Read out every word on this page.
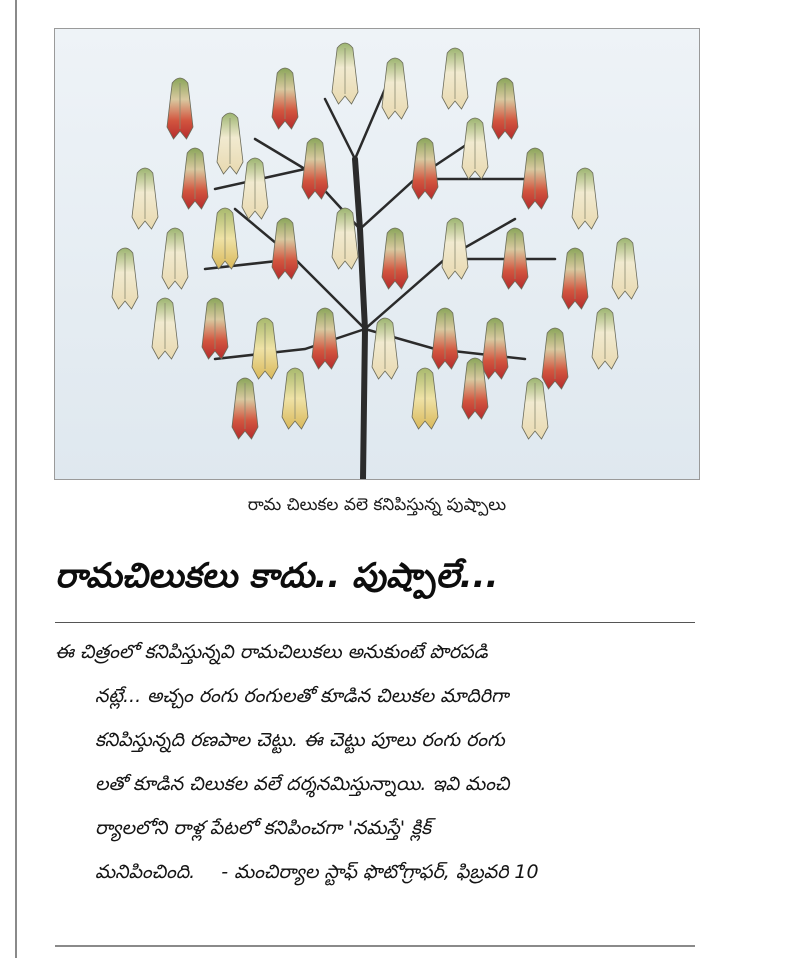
రామ చిలుకల వలె కనిపిస్తున్న పుష్పాలు
రామచిలుకలు కాదు.. పుష్పాలే...
ఈ చిత్రంలో కనిపిస్తున్నవి రామచిలుకలు అనుకుంటే పొరపడి
నట్లే... అచ్చం రంగు రంగులతో కూడిన చిలుకల మాదిరిగా
కనిపిస్తున్నది రణపాల చెట్టు. ఈ చెట్టు పూలు రంగు రంగు
లతో కూడిన చిలుకల వలే దర్శనమిస్తున్నాయి. ఇవి మంచి
ర్యాలలోని రాళ్ల పేటలో కనిపించగా 'నమస్తే' క్లిక్
మనిపించింది. - మంచిర్యాల స్టాఫ్ ఫొటోగ్రాఫర్, ఫిబ్రవరి 10
